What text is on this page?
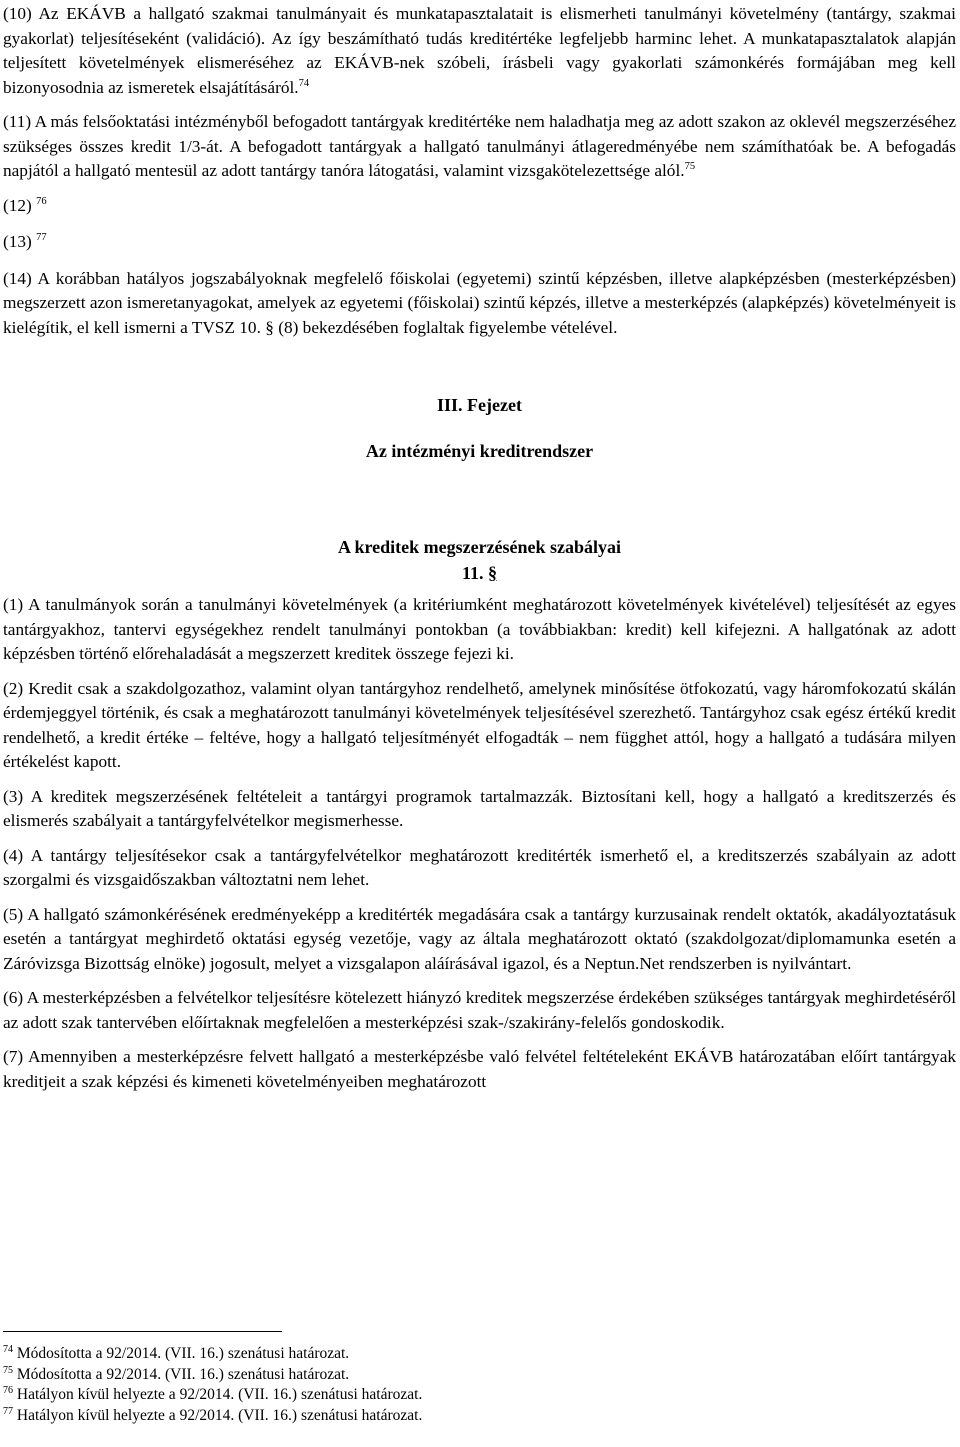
(10) Az EKÁVB a hallgató szakmai tanulmányait és munkatapasztalatait is elismerheti tanulmányi követelmény (tantárgy, szakmai gyakorlat) teljesítéseként (validáció). Az így beszámítható tudás kreditértéke legfeljebb harminc lehet. A munkatapasztalatok alapján teljesített követelmények elismeréséhez az EKÁVB-nek szóbeli, írásbeli vagy gyakorlati számonkérés formájában meg kell bizonyosodnia az ismeretek elsajátításáról.$^{74}$

(11) A más felsőoktatási intézményből befogadott tantárgyak kreditértéke nem haladhatja meg az adott szakon az oklevél megszerzéséhez szükséges összes kredit 1/3-át. A befogadott tantárgyak a hallgató tanulmányi átlageredményébe nem számíthatóak be. A befogadás napjától a hallgató mentesül az adott tantárgy tanóra látogatási, valamint vizsgakötelezettsége alól.$^{75}$

(12) $^{76}$

(13) $^{77}$

(14) A korábban hatályos jogszabályoknak megfelelő főiskolai (egyetemi) szintű képzésben, illetve alapképzésben (mesterképzésben) megszerzett azon ismeretanyagokat, amelyek az egyetemi (főiskolai) szintű képzés, illetve a mesterképzés (alapképzés) követelményeit is kielégítik, el kell ismerni a TVSZ 10. § (8) bekezdésében foglaltak figyelembe vételével.

III. Fejezet
Az intézményi kreditrendszer
A kreditek megszerzésének szabályai
11. §

(1) A tanulmányok során a tanulmányi követelmények (a kritériumként meghatározott követelmények kivételével) teljesítését az egyes tantárgyakhoz, tantervi egységekhez rendelt tanulmányi pontokban (a továbbiakban: kredit) kell kifejezni. A hallgatónak az adott képzésben történő előrehaladását a megszerzett kreditek összege fejezi ki.

(2) Kredit csak a szakdolgozathoz, valamint olyan tantárgyhoz rendelhető, amelynek minősítése ötfokozatú, vagy háromfokozatú skálán érdemjeggyel történik, és csak a meghatározott tanulmányi követelmények teljesítésével szerezhető. Tantárgyhoz csak egész értékű kredit rendelhető, a kredit értéke – feltéve, hogy a hallgató teljesítményét elfogadták – nem függhet attól, hogy a hallgató a tudására milyen értékelést kapott.

(3) A kreditek megszerzésének feltételeit a tantárgyi programok tartalmazzák. Biztosítani kell, hogy a hallgató a kreditszerzés és elismerés szabályait a tantárgyfelvételkor megismerhesse.

(4) A tantárgy teljesítésekor csak a tantárgyfelvételkor meghatározott kreditérték ismerhető el, a kreditszerzés szabályain az adott szorgalmi és vizsgaidőszakban változtatni nem lehet.

(5) A hallgató számonkérésének eredményeképp a kreditérték megadására csak a tantárgy kurzusainak rendelt oktatók, akadályoztatásuk esetén a tantárgyat meghirdető oktatási egység vezetője, vagy az általa meghatározott oktató (szakdolgozat/diplomamunka esetén a Záróvizsga Bizottság elnöke) jogosult, melyet a vizsgalapon aláírásával igazol, és a Neptun.Net rendszerben is nyilvántart.

(6) A mesterképzésben a felvételkor teljesítésre kötelezett hiányzó kreditek megszerzése érdekében szükséges tantárgyak meghirdetéséről az adott szak tantervében előírtaknak megfelelően a mesterképzési szak-/szakirány-felelős gondoskodik.

(7) Amennyiben a mesterképzésre felvett hallgató a mesterképzésbe való felvétel feltételeként EKÁVB határozatában előírt tantárgyak kreditjeit a szak képzési és kimeneti követelményeiben meghatározott

$^{74}$ Módosította a 92/2014. (VII. 16.) szenátusi határozat.
$^{75}$ Módosította a 92/2014. (VII. 16.) szenátusi határozat.
$^{76}$ Hatályon kívül helyezte a 92/2014. (VII. 16.) szenátusi határozat.
$^{77}$ Hatályon kívül helyezte a 92/2014. (VII. 16.) szenátusi határozat.
